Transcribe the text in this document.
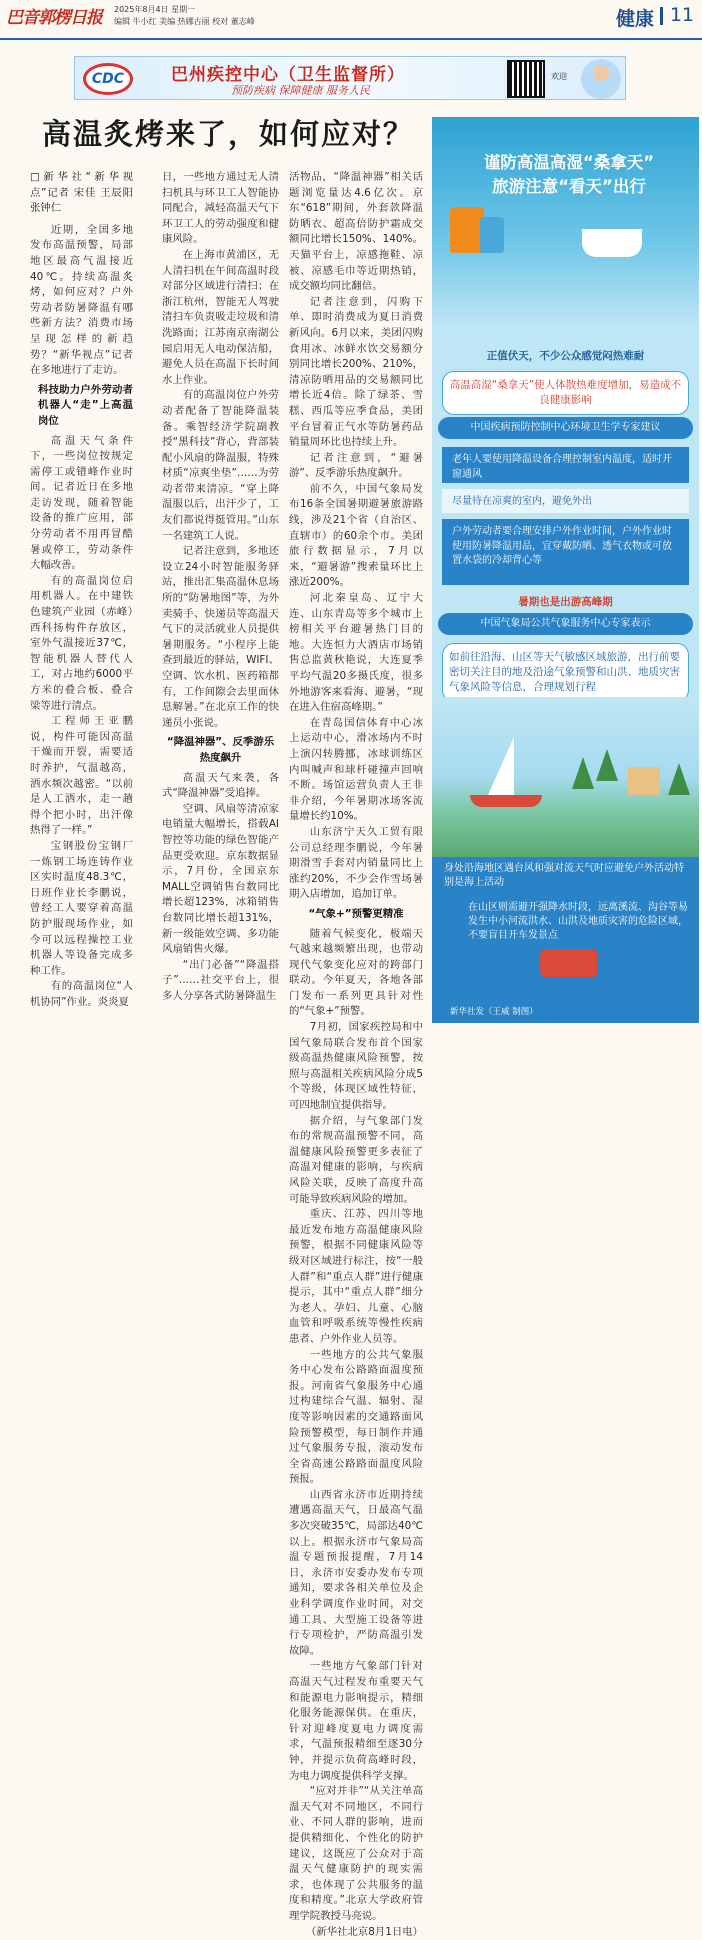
巴音郭楞日报 2025年8月4日 星期一
编辑 牛小红 美编 热娜古丽 校对 董志峰	健康 11
CDC	巴州疾控中心（卫生监督所）
预防疾病 保障健康 服务人民
欢迎
高温炙烤来了，如何应对？

□新华社“新华视点”记者 宋佳 王辰阳 张钟仁

近期，全国多地发布高温预警，局部地区最高气温接近40℃。持续高温炙烤，如何应对？户外劳动者防暑降温有哪些新方法？消费市场呈现怎样的新趋势？“新华视点”记者在多地进行了走访。

科技助力户外劳动者 机器人“走”上高温岗位

高温天气条件下，一些岗位按规定需停工或错峰作业时间。记者近日在多地走访发现，随着智能设备的推广应用，部分劳动者不用再冒酷暑或停工，劳动条件大幅改善。

有的高温岗位启用机器人。在中建铁色建筑产业园（赤峰）西科扬构件存放区，室外气温接近37℃，智能机器人替代人工，对占地约6000平方米的叠合板、叠合梁等进行清点。

工程师王亚鹏说，构件可能因高温干燥而开裂，需要适时养护，气温越高，洒水频次越密。“以前是人工洒水，走一趟得个把小时，出汗像热得了一样。”

宝钢股份宝钢厂一炼钢工场连铸作业区实时温度48.3℃，日班作业长李鹏说，曾经工人要穿着高温防护服现场作业，如今可以远程操控工业机器人等设备完成多种工作。

有的高温岗位“人机协同”作业。炎炎夏

日，一些地方通过无人清扫机具与环卫工人智能协同配合，减轻高温天气下环卫工人的劳动强度和健康风险。

在上海市黄浦区，无人清扫机在午间高温时段对部分区域进行清扫；在浙江杭州，智能无人驾驶清扫车负责吸走垃圾和清洗路面；江苏南京南湖公园启用无人电动保洁船，避免人员在高温下长时间水上作业。

有的高温岗位户外劳动者配备了智能降温装备。乘智经济学院副教授“黑科技”背心，背部装配小风扇的降温服，特殊材质“凉爽坐垫”……为劳动者带来清凉。“穿上降温服以后，出汗少了，工友们都说得挺管用。”山东一名建筑工人说。

记者注意到，多地还设立24小时智能服务驿站，推出汇集高温休息场所的“防暑地图”等，为外卖骑手、快递员等高温天气下的灵活就业人员提供暑期服务。“小程序上能查到最近的驿站，WIFI、空调、饮水机、医药箱都有，工作间隙会去里面休息解暑。”在北京工作的快递员小张说。

“降温神器”、反季游乐热度飙升

高温天气来袭，各式“降温神器”受追捧。

空调、风扇等清凉家电销量大幅增长，搭载AI智控等功能的绿色智能产品更受欢迎。京东数据显示，7月份，全国京东MALL空调销售台数同比增长超123%，冰箱销售台数同比增长超131%，新一级能效空调、多功能风扇销售火爆。

“出门必备”“降温搭子”……社交平台上，很多人分享各式防暑降温生

活物品，“降温神器”相关话题浏览量达4.6亿次。京东“618”期间，外套款降温防晒衣、超高倍防护霜成交额同比增长150%、140%。天猫平台上，凉感拖鞋、凉被、凉感毛巾等近期热销，成交额均同比翻倍。

记者注意到，闪购下单、即时消费成为夏日消费新风向。6月以来，美团闪购食用冰、冰鲜水饮交易额分别同比增长200%、210%，清凉防晒用品的交易额同比增长近4倍。除了绿茶、雪糕、西瓜等应季食品，美团平台冒着正气水等防暑药品销量周环比也持续上升。

记者注意到，“避暑游”、反季游乐热度飙升。

前不久，中国气象局发布16条全国暑期避暑旅游路线，涉及21个省（自治区、直辖市）的60余个市。美团旅行数据显示，7月以来，“避暑游”搜索量环比上涨近200%。

河北秦皇岛、辽宁大连、山东青岛等多个城市上榜相关平台避暑热门目的地。大连恒力大酒店市场销售总监黄秋艳说，大连夏季平均气温20多摄氏度，很多外地游客来看海、避暑，“现在进入住宿高峰期。”

在青岛国信体育中心冰上运动中心，滑冰场内不时上演闪转腾挪，冰球训练区内叫喊声和球杆碰撞声回响不断。场馆运营负责人王非非介绍，今年暑期冰场客流量增长约10%。

山东济宁天久工贸有限公司总经理李鹏说，今年暑期滑雪手套对内销量同比上涨约20%，不少会作雪场暑期入店增加，追加订单。

“气象+”预警更精准

随着气候变化，极端天气越来越频繁出现，也带动现代气象变化应对的跨部门联动。今年夏天，各地各部门发布一系列更具针对性的“气象+”预警。

7月初，国家疾控局和中国气象局联合发布首个国家级高温热健康风险预警，按照与高温相关疾病风险分成5个等级，体现区域性特征，可四地制宜提供指导。

据介绍，与气象部门发布的常规高温预警不同，高温健康风险预警更多表征了高温对健康的影响，与疾病风险关联，反映了高度升高可能导致疾病风险的增加。

重庆、江苏、四川等地最近发布地方高温健康风险预警，根据不同健康风险等级对区域进行标注，按“一般人群”和“重点人群”进行健康提示，其中“重点人群”细分为老人、孕妇、儿童、心脑血管和呼吸系统等慢性疾病患者、户外作业人员等。

一些地方的公共气象服务中心发布公路路面温度预报。河南省气象服务中心通过构建综合气温、辐射、湿度等影响因素的交通路面风险预警模型，每日制作并通过气象服务专报，滚动发布全省高速公路路面温度风险预报。

山西省永济市近期持续遭遇高温天气，日最高气温多次突破35℃，局部达40℃以上。根据永济市气象局高温专题预报提醒，7月14日，永济市安委办发布专项通知，要求各相关单位及企业科学调度作业时间，对交通工具、大型施工设备等进行专项检护，严防高温引发故障。

一些地方气象部门针对高温天气过程发布重要天气和能源电力影响提示，精细化服务能源保供。在重庆，针对迎峰度夏电力调度需求，气温预报精细至逐30分钟，并提示负荷高峰时段，为电力调度提供科学支撑。

“应对并非”“从关注单高温天气对不同地区，不同行业、不同人群的影响，进而提供精细化、个性化的防护建议，这既应了公众对于高温天气健康防护的现实需求，也体现了公共服务的温度和精度。”北京大学政府管理学院教授马亮说。

（新华社北京8月1日电）

谨防高温高湿“桑拿天”
旅游注意“看天”出行
正值伏天，不少公众感觉闷热难耐
高温高湿“桑拿天”使人体散热难度增加，易造成不良健康影响
中国疾病预防控制中心环境卫生学专家建议
老年人要使用降温设备合理控制室内温度，适时开窗通风
尽量待在凉爽的室内，避免外出
户外劳动者要合理安排户外作业时间，户外作业时使用防暑降温用品，宜穿戴防晒、透气衣物或可放置水袋的冷却背心等
暑期也是出游高峰期
中国气象局公共气象服务中心专家表示
如前往沿海、山区等天气敏感区域旅游，出行前要密切关注目的地及沿途气象预警和山洪、地质灾害气象风险等信息，合理规划行程
身处沿海地区遇台风和强对流天气时应避免户外活动特别是海上活动
在山区则需避开强降水时段，远离溪流、沟谷等易发生中小河流洪水、山洪及地质灾害的危险区域，不要盲目开车发景点
新华社发（王威 制图）
